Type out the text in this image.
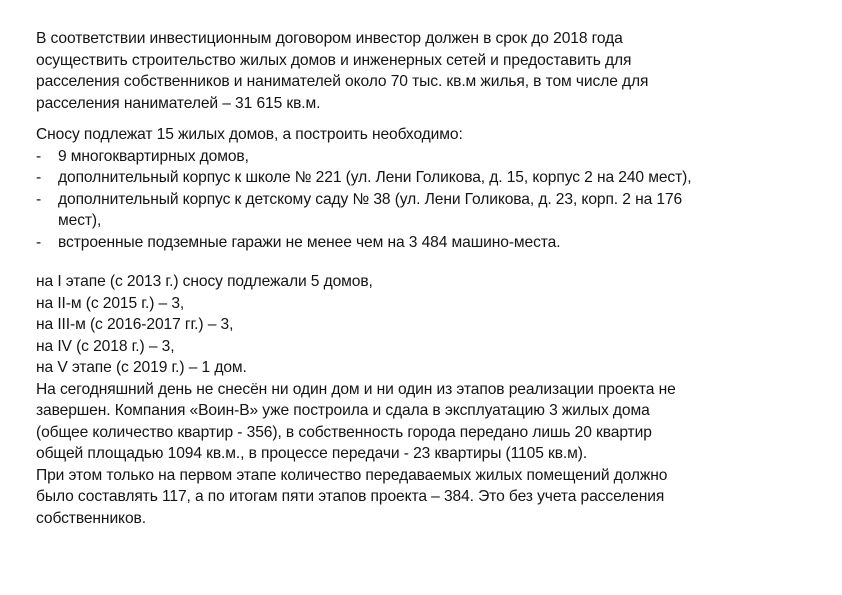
В соответствии инвестиционным договором инвестор должен в срок до 2018 года
осуществить строительство жилых домов и инженерных сетей и предоставить для
расселения собственников и нанимателей около 70 тыс. кв.м жилья, в том числе для
расселения нанимателей – 31 615 кв.м.

Сносу подлежат 15 жилых домов, а построить необходимо:
-	9 многоквартирных домов,
-	дополнительный корпус к школе № 221 (ул. Лени Голикова, д. 15, корпус 2 на 240 мест),
-	дополнительный корпус к детскому саду № 38 (ул. Лени Голикова, д. 23, корп. 2 на 176
мест),
-	встроенные подземные гаражи не менее чем на 3 484 машино-места.

на I этапе (с 2013 г.) сносу подлежали 5 домов,
на II-м (с 2015 г.) – 3,
на III-м (с 2016-2017 гг.) – 3,
на IV (с 2018 г.) – 3,
на V этапе (с 2019 г.) – 1 дом.
На сегодняшний день не снесён ни один дом и ни один из этапов реализации проекта не
завершен. Компания «Воин-В» уже построила и сдала в эксплуатацию 3 жилых дома
(общее количество квартир - 356), в собственность города передано лишь 20 квартир
общей площадью 1094 кв.м., в процессе передачи - 23 квартиры (1105 кв.м).
При этом только на первом этапе количество передаваемых жилых помещений должно
было составлять 117, а по итогам пяти этапов проекта – 384. Это без учета расселения
собственников.
